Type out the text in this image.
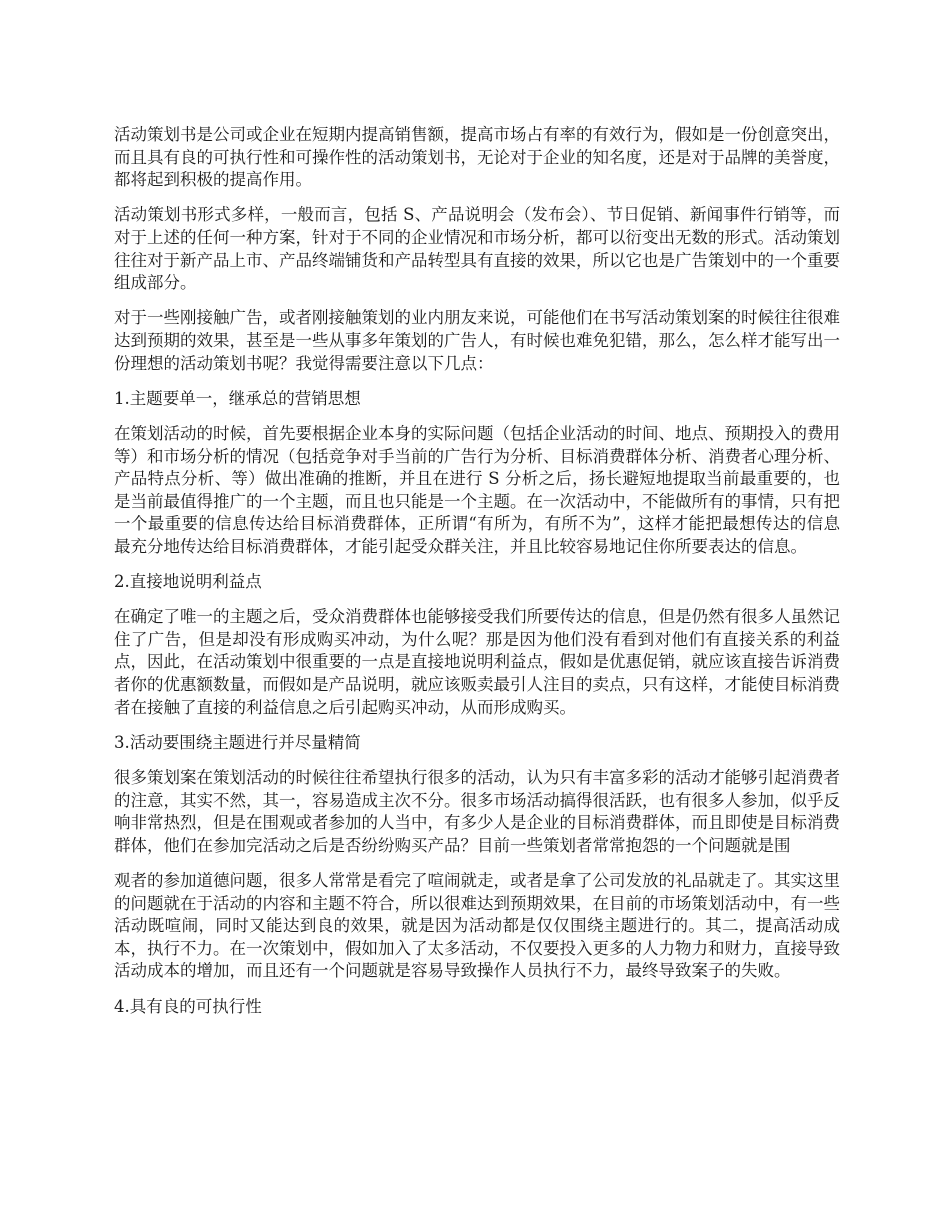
活动策划书是公司或企业在短期内提高销售额，提高市场占有率的有效行为，假如是一份创意突出，而且具有良的可执行性和可操作性的活动策划书，无论对于企业的知名度，还是对于品牌的美誉度，都将起到积极的提高作用。

活动策划书形式多样，一般而言，包括 S、产品说明会（发布会）、节日促销、新闻事件行销等，而对于上述的任何一种方案，针对于不同的企业情况和市场分析，都可以衍变出无数的形式。活动策划往往对于新产品上市、产品终端铺货和产品转型具有直接的效果，所以它也是广告策划中的一个重要组成部分。

对于一些刚接触广告，或者刚接触策划的业内朋友来说，可能他们在书写活动策划案的时候往往很难达到预期的效果，甚至是一些从事多年策划的广告人，有时候也难免犯错，那么，怎么样才能写出一份理想的活动策划书呢？我觉得需要注意以下几点：

1.主题要单一，继承总的营销思想

在策划活动的时候，首先要根据企业本身的实际问题（包括企业活动的时间、地点、预期投入的费用等）和市场分析的情况（包括竞争对手当前的广告行为分析、目标消费群体分析、消费者心理分析、产品特点分析、等）做出准确的推断，并且在进行 S 分析之后，扬长避短地提取当前最重要的，也是当前最值得推广的一个主题，而且也只能是一个主题。在一次活动中，不能做所有的事情，只有把一个最重要的信息传达给目标消费群体，正所谓“有所为，有所不为”，这样才能把最想传达的信息最充分地传达给目标消费群体，才能引起受众群关注，并且比较容易地记住你所要表达的信息。

2.直接地说明利益点

在确定了唯一的主题之后，受众消费群体也能够接受我们所要传达的信息，但是仍然有很多人虽然记住了广告，但是却没有形成购买冲动，为什么呢？那是因为他们没有看到对他们有直接关系的利益点，因此，在活动策划中很重要的一点是直接地说明利益点，假如是优惠促销，就应该直接告诉消费者你的优惠额数量，而假如是产品说明，就应该贩卖最引人注目的卖点，只有这样，才能使目标消费者在接触了直接的利益信息之后引起购买冲动，从而形成购买。

3.活动要围绕主题进行并尽量精简

很多策划案在策划活动的时候往往希望执行很多的活动，认为只有丰富多彩的活动才能够引起消费者的注意，其实不然，其一，容易造成主次不分。很多市场活动搞得很活跃，也有很多人参加，似乎反响非常热烈，但是在围观或者参加的人当中，有多少人是企业的目标消费群体，而且即使是目标消费群体，他们在参加完活动之后是否纷纷购买产品？目前一些策划者常常抱怨的一个问题就是围

观者的参加道德问题，很多人常常是看完了喧闹就走，或者是拿了公司发放的礼品就走了。其实这里的问题就在于活动的内容和主题不符合，所以很难达到预期效果，在目前的市场策划活动中，有一些活动既喧闹，同时又能达到良的效果，就是因为活动都是仅仅围绕主题进行的。其二，提高活动成本，执行不力。在一次策划中，假如加入了太多活动，不仅要投入更多的人力物力和财力，直接导致活动成本的增加，而且还有一个问题就是容易导致操作人员执行不力，最终导致案子的失败。

4.具有良的可执行性
